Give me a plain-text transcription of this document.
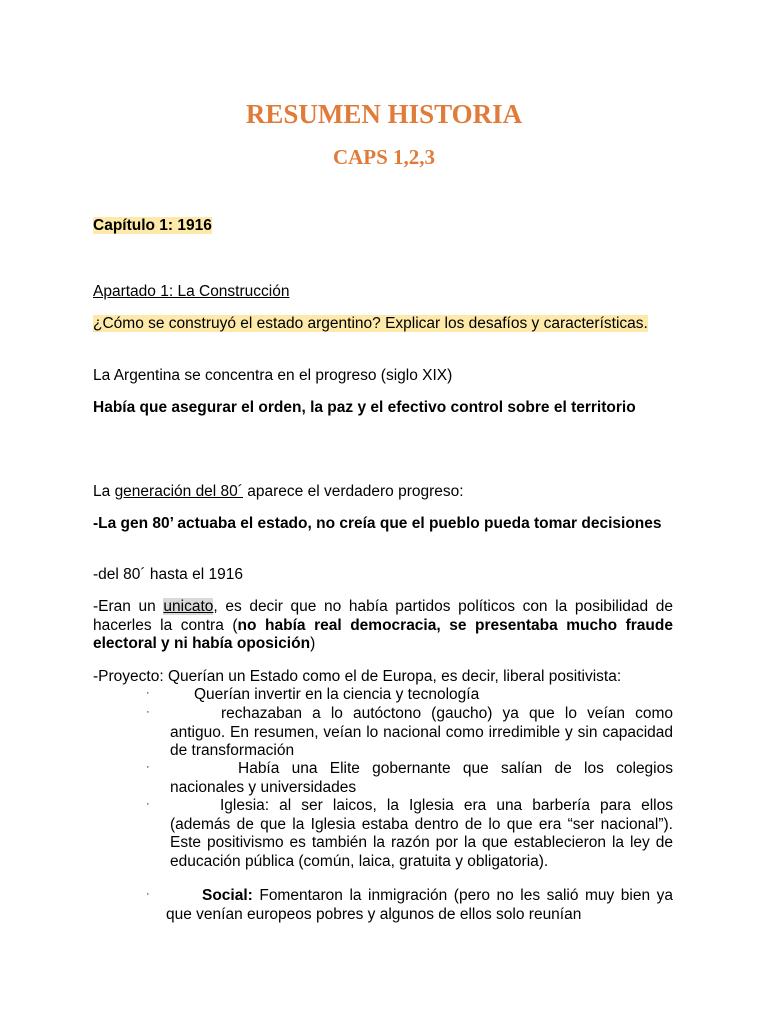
RESUMEN HISTORIA
CAPS 1,2,3

Capítulo 1: 1916

Apartado 1: La Construcción

¿Cómo se construyó el estado argentino? Explicar los desafíos y características.

La Argentina se concentra en el progreso (siglo XIX)

Había que asegurar el orden, la paz y el efectivo control sobre el territorio

La generación del 80´ aparece el verdadero progreso:

-La gen 80’ actuaba el estado, no creía que el pueblo pueda tomar decisiones

-del 80´ hasta el 1916

-Eran un unicato, es decir que no había partidos políticos con la posibilidad de hacerles la contra (no había real democracia, se presentaba mucho fraude electoral y ni había oposición)

-Proyecto: Querían un Estado como el de Europa, es decir, liberal positivista:

·	Querían invertir en la ciencia y tecnología
·	rechazaban a lo autóctono (gaucho) ya que lo veían como antiguo. En resumen, veían lo nacional como irredimible y sin capacidad de transformación
·	Había una Elite gobernante que salían de los colegios nacionales y universidades
·	Iglesia: al ser laicos, la Iglesia era una barbería para ellos (además de que la Iglesia estaba dentro de lo que era “ser nacional”). Este positivismo es también la razón por la que establecieron la ley de educación pública (común, laica, gratuita y obligatoria).
·	Social: Fomentaron la inmigración (pero no les salió muy bien ya que venían europeos pobres y algunos de ellos solo reunían
